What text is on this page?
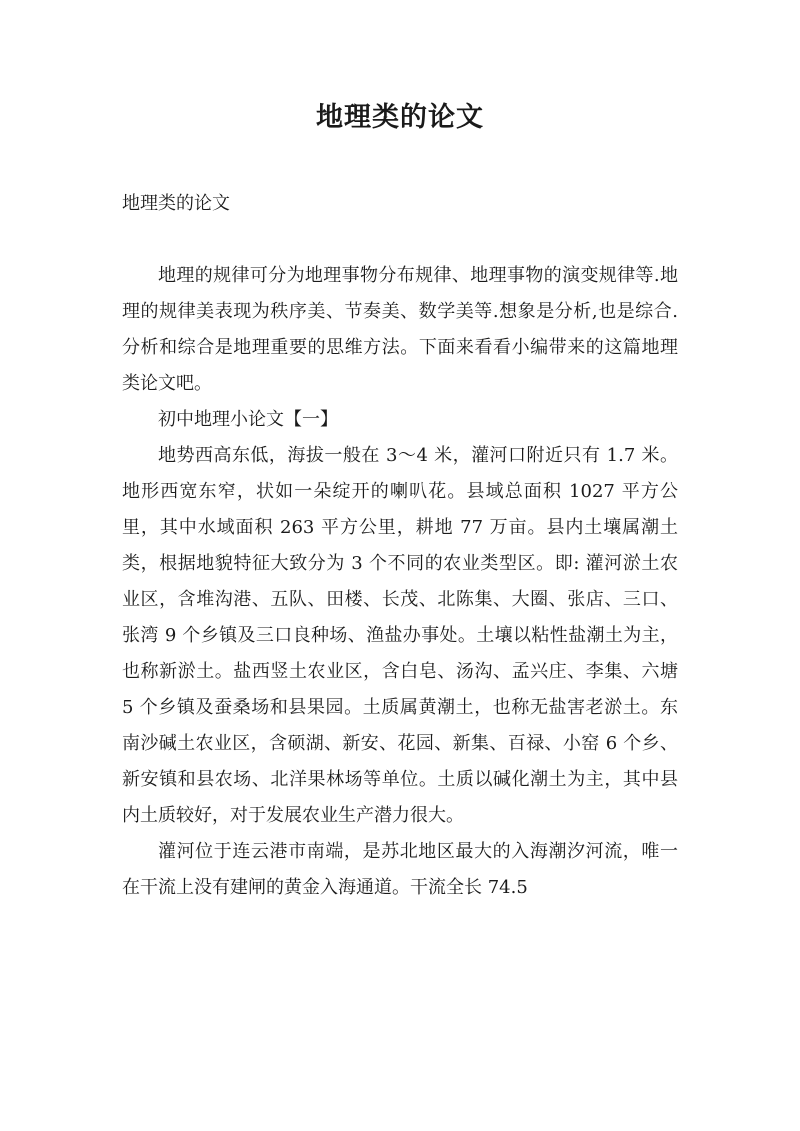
地理类的论文
地理类的论文

地理的规律可分为地理事物分布规律、地理事物的演变规律等.地理的规律美表现为秩序美、节奏美、数学美等.想象是分析,也是综合.分析和综合是地理重要的思维方法。下面来看看小编带来的这篇地理类论文吧。

初中地理小论文【一】

地势西高东低，海拔一般在 3～4 米，灌河口附近只有 1.7 米。地形西宽东窄，状如一朵绽开的喇叭花。县域总面积 1027 平方公里，其中水域面积 263 平方公里，耕地 77 万亩。县内土壤属潮土类，根据地貌特征大致分为 3 个不同的农业类型区。即: 灌河淤土农业区，含堆沟港、五队、田楼、长茂、北陈集、大圈、张店、三口、张湾 9 个乡镇及三口良种场、渔盐办事处。土壤以粘性盐潮土为主，也称新淤土。盐西竖土农业区，含白皂、汤沟、孟兴庄、李集、六塘 5 个乡镇及蚕桑场和县果园。土质属黄潮土，也称无盐害老淤土。东南沙碱土农业区，含硕湖、新安、花园、新集、百禄、小窑 6 个乡、新安镇和县农场、北洋果林场等单位。土质以碱化潮土为主，其中县内土质较好，对于发展农业生产潜力很大。

灌河位于连云港市南端，是苏北地区最大的入海潮汐河流，唯一在干流上没有建闸的黄金入海通道。干流全长 74.5
